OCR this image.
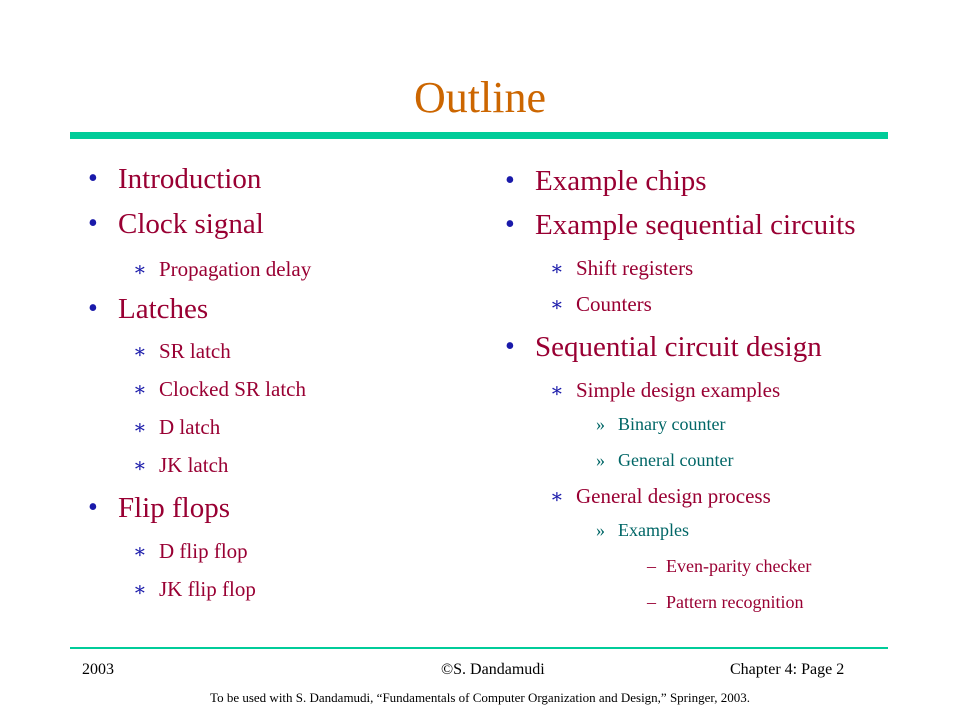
Outline
• Introduction
• Clock signal
∗ Propagation delay
• Latches
∗ SR latch
∗ Clocked SR latch
∗ D latch
∗ JK latch
• Flip flops
∗ D flip flop
∗ JK flip flop
• Example chips
• Example sequential circuits
∗ Shift registers
∗ Counters
• Sequential circuit design
∗ Simple design examples
» Binary counter
» General counter
∗ General design process
» Examples
– Even-parity checker
– Pattern recognition
2003	©S. Dandamudi	Chapter 4: Page 2
To be used with S. Dandamudi, “Fundamentals of Computer Organization and Design,” Springer, 2003.
